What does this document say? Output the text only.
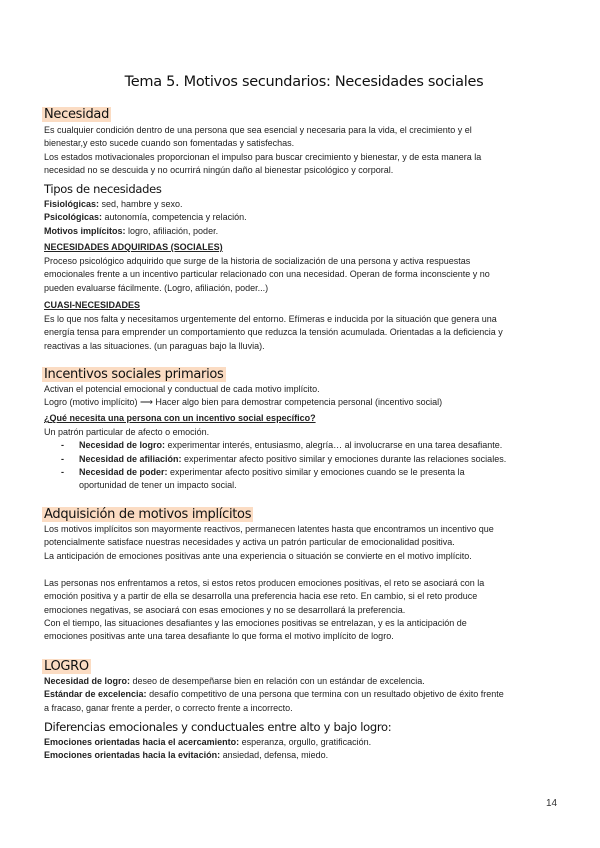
Tema 5. Motivos secundarios: Necesidades sociales
Necesidad

Es cualquier condición dentro de una persona que sea esencial y necesaria para la vida, el crecimiento y el

bienestar,y esto sucede cuando son fomentadas y satisfechas.

Los estados motivacionales proporcionan el impulso para buscar crecimiento y bienestar, y de esta manera la

necesidad no se descuida y no ocurrirá ningún daño al bienestar psicológico y corporal.

Tipos de necesidades

Fisiológicas: sed, hambre y sexo.

Psicológicas: autonomía, competencia y relación.

Motivos implícitos: logro, afiliación, poder.

NECESIDADES ADQUIRIDAS (SOCIALES)

Proceso psicológico adquirido que surge de la historia de socialización de una persona y activa respuestas

emocionales frente a un incentivo particular relacionado con una necesidad. Operan de forma inconsciente y no

pueden evaluarse fácilmente. (Logro, afiliación, poder...)

CUASI-NECESIDADES

Es lo que nos falta y necesitamos urgentemente del entorno. Efímeras e inducida por la situación que genera una

energía tensa para emprender un comportamiento que reduzca la tensión acumulada. Orientadas a la deficiencia y

reactivas a las situaciones. (un paraguas bajo la lluvia).

Incentivos sociales primarios

Activan el potencial emocional y conductual de cada motivo implícito.

Logro (motivo implícito) ⟶ Hacer algo bien para demostrar competencia personal (incentivo social)

¿Qué necesita una persona con un incentivo social específico?

Un patrón particular de afecto o emoción.

- Necesidad de logro: experimentar interés, entusiasmo, alegría… al involucrarse en una tarea desafiante.
- Necesidad de afiliación: experimentar afecto positivo similar y emociones durante las relaciones sociales.
- Necesidad de poder: experimentar afecto positivo similar y emociones cuando se le presenta la
oportunidad de tener un impacto social.
Adquisición de motivos implícitos

Los motivos implícitos son mayormente reactivos, permanecen latentes hasta que encontramos un incentivo que

potencialmente satisface nuestras necesidades y activa un patrón particular de emocionalidad positiva.

La anticipación de emociones positivas ante una experiencia o situación se convierte en el motivo implícito.

Las personas nos enfrentamos a retos, si estos retos producen emociones positivas, el reto se asociará con la

emoción positiva y a partir de ella se desarrolla una preferencia hacia ese reto. En cambio, si el reto produce

emociones negativas, se asociará con esas emociones y no se desarrollará la preferencia.

Con el tiempo, las situaciones desafiantes y las emociones positivas se entrelazan, y es la anticipación de

emociones positivas ante una tarea desafiante lo que forma el motivo implícito de logro.

LOGRO

Necesidad de logro: deseo de desempeñarse bien en relación con un estándar de excelencia.

Estándar de excelencia: desafío competitivo de una persona que termina con un resultado objetivo de éxito frente

a fracaso, ganar frente a perder, o correcto frente a incorrecto.

Diferencias emocionales y conductuales entre alto y bajo logro:

Emociones orientadas hacia el acercamiento: esperanza, orgullo, gratificación.

Emociones orientadas hacia la evitación: ansiedad, defensa, miedo.

14
